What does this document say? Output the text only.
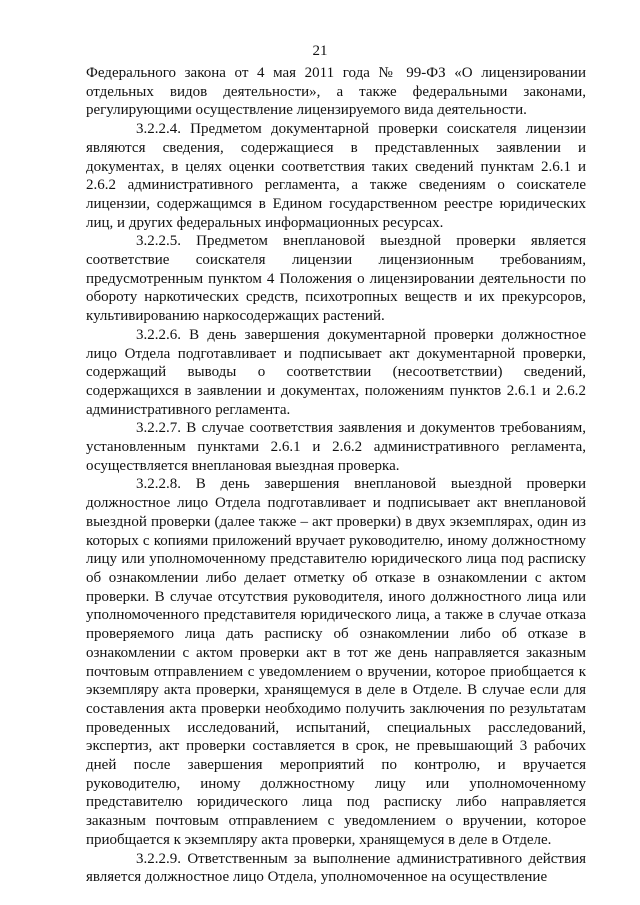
21

Федерального закона от 4 мая 2011 года № 99-ФЗ «О лицензировании отдельных видов деятельности», а также федеральными законами, регулирующими осуществление лицензируемого вида деятельности.

3.2.2.4. Предметом документарной проверки соискателя лицензии являются сведения, содержащиеся в представленных заявлении и документах, в целях оценки соответствия таких сведений пунктам 2.6.1 и 2.6.2 административного регламента, а также сведениям о соискателе лицензии, содержащимся в Едином государственном реестре юридических лиц, и других федеральных информационных ресурсах.

3.2.2.5. Предметом внеплановой выездной проверки является соответствие соискателя лицензии лицензионным требованиям, предусмотренным пунктом 4 Положения о лицензировании деятельности по обороту наркотических средств, психотропных веществ и их прекурсоров, культивированию наркосодержащих растений.

3.2.2.6. В день завершения документарной проверки должностное лицо Отдела подготавливает и подписывает акт документарной проверки, содержащий выводы о соответствии (несоответствии) сведений, содержащихся в заявлении и документах, положениям пунктов 2.6.1 и 2.6.2 административного регламента.

3.2.2.7. В случае соответствия заявления и документов требованиям, установленным пунктами 2.6.1 и 2.6.2 административного регламента, осуществляется внеплановая выездная проверка.

3.2.2.8. В день завершения внеплановой выездной проверки должностное лицо Отдела подготавливает и подписывает акт внеплановой выездной проверки (далее также – акт проверки) в двух экземплярах, один из которых с копиями приложений вручает руководителю, иному должностному лицу или уполномоченному представителю юридического лица под расписку об ознакомлении либо делает отметку об отказе в ознакомлении с актом проверки. В случае отсутствия руководителя, иного должностного лица или уполномоченного представителя юридического лица, а также в случае отказа проверяемого лица дать расписку об ознакомлении либо об отказе в ознакомлении с актом проверки акт в тот же день направляется заказным почтовым отправлением с уведомлением о вручении, которое приобщается к экземпляру акта проверки, хранящемуся в деле в Отделе. В случае если для составления акта проверки необходимо получить заключения по результатам проведенных исследований, испытаний, специальных расследований, экспертиз, акт проверки составляется в срок, не превышающий 3 рабочих дней после завершения мероприятий по контролю, и вручается руководителю, иному должностному лицу или уполномоченному представителю юридического лица под расписку либо направляется заказным почтовым отправлением с уведомлением о вручении, которое приобщается к экземпляру акта проверки, хранящемуся в деле в Отделе.

3.2.2.9. Ответственным за выполнение административного действия является должностное лицо Отдела, уполномоченное на осуществление
